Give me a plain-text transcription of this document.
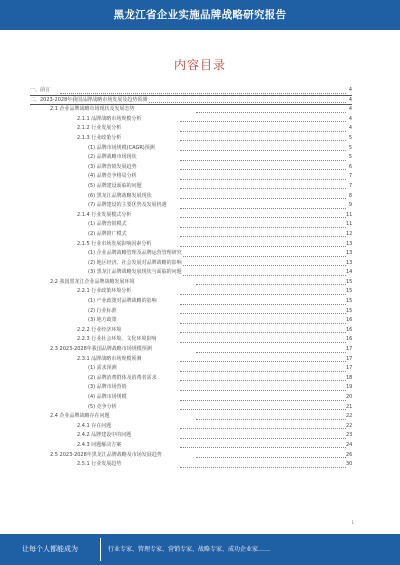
黑龙江省企业实施品牌战略研究报告
内容目录
一、前言	4
二、2023-2028年我国品牌战略市场发展及趋势预测	4
2.1 企业品牌战略市场现状及发展态势	4
2.1.1 品牌战略市场规模分析	4
2.1.2 行业发展分析	4
2.1.3 行业政策分析	5
(1) 品牌市场规模(CAGR)预测	5
(2) 品牌战略市场现状	5
(3) 品牌营销发展趋势	6
(4) 品牌竞争格局分析	7
(5) 品牌建设面临的问题	7
(6) 黑龙江品牌战略发展现状	8
(7) 品牌建设的主要优势及发展机遇	9
2.1.4 行业发展模式分析	11
(1) 品牌营销模式	11
(2) 品牌推广模式	12
2.1.5 行业市场发展影响因素分析	13
(1) 企业品牌战略管理及品牌运营管理研究	13
(2) 地区经济、社会发展对品牌战略的影响	13
(3) 黑龙江品牌战略发展现状与面临的问题	14
2.2 我国黑龙江企业品牌战略发展环境	15
2.2.1 行业政策环境分析	15
(1) 产业政策对品牌战略的影响	15
(2) 行业标准	15
(3) 地方政策	16
2.2.2 行业经济环境	16
2.2.3 行业社会环境、文化环境影响	16
2.3 2023-2028年我国品牌战略市场规模预测	17
2.3.1 品牌战略市场规模预测	17
(1) 需求预测	17
(2) 品牌消费群体及消费者需求	18
(3) 品牌市场营销	19
(4) 品牌市场规模	20
(5) 竞争分析	21
2.4 企业品牌战略存在问题	22
2.4.1 存在问题	22
2.4.2 品牌建设中的问题	23
2.4.3 问题解决方案	24
2.5 2023-2028年黑龙江品牌战略及市场发展趋势	26
2.5.1 行业发展趋势	30
1
让每个人都能成为	行业专家、管理专家、营销专家、战略专家、成功企业家……
